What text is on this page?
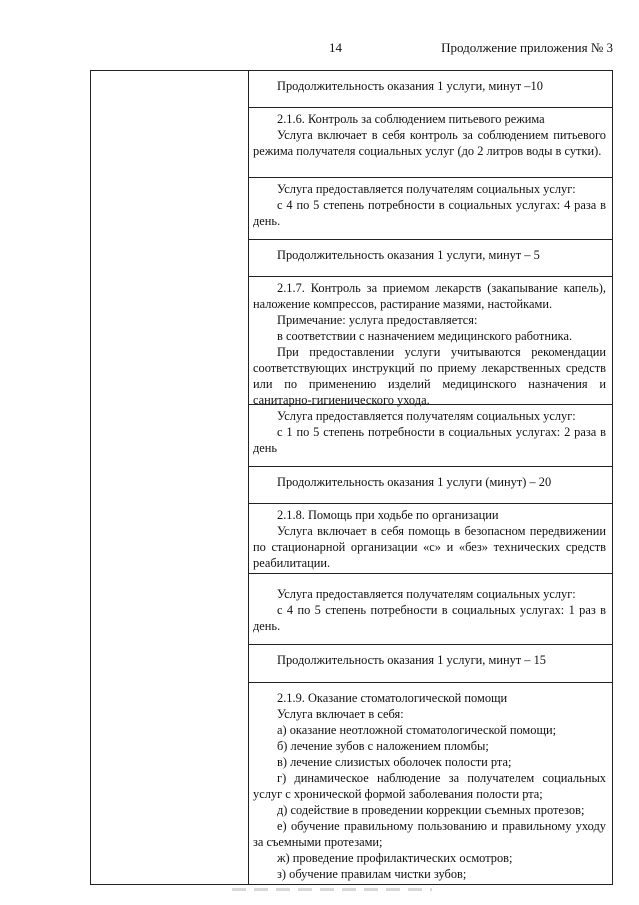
14	Продолжение приложения № 3

Продолжительность оказания 1 услуги, минут –10

2.1.6. Контроль за соблюдением питьевого режима

Услуга включает в себя контроль за соблюдением питьевого режима получателя социальных услуг (до 2 литров воды в сутки).

Услуга предоставляется получателям социальных услуг:

с 4 по 5 степень потребности в социальных услугах: 4 раза в день.

Продолжительность оказания 1 услуги, минут – 5

2.1.7. Контроль за приемом лекарств (закапывание капель), наложение компрессов, растирание мазями, настойками.

Примечание: услуга предоставляется:

в соответствии с назначением медицинского работника.

При предоставлении услуги учитываются рекомендации соответствующих инструкций по приему лекарственных средств или по применению изделий медицинского назначения и санитарно-гигиенического ухода.

Услуга предоставляется получателям социальных услуг:

с 1 по 5 степень потребности в социальных услугах: 2 раза в день

Продолжительность оказания 1 услуги (минут) – 20

2.1.8. Помощь при ходьбе по организации

Услуга включает в себя помощь в безопасном передвижении по стационарной организации «с» и «без» технических средств реабилитации.

Услуга предоставляется получателям социальных услуг:

с 4 по 5 степень потребности в социальных услугах: 1 раз в день.

Продолжительность оказания 1 услуги, минут – 15

2.1.9. Оказание стоматологической помощи

Услуга включает в себя:

а) оказание неотложной стоматологической помощи;

б) лечение зубов с наложением пломбы;

в) лечение слизистых оболочек полости рта;

г) динамическое наблюдение за получателем социальных услуг с хронической формой заболевания полости рта;

д) содействие в проведении коррекции съемных протезов;

е) обучение правильному пользованию и правильному уходу за съемными протезами;

ж) проведение профилактических осмотров;

з) обучение правилам чистки зубов;
